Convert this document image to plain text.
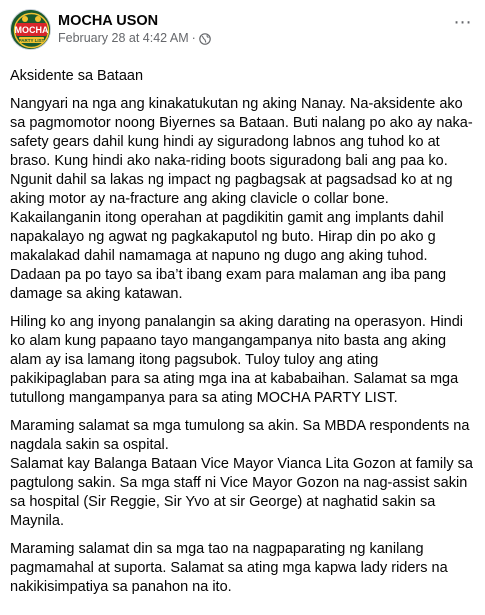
MOCHA
PARTY LIST
MOCHA USON
February 28 at 4:42 AM ·
⋯

Aksidente sa Bataan

Nangyari na nga ang kinakatukutan ng aking Nanay. Na-aksidente ako sa pagmomotor noong Biyernes sa Bataan. Buti nalang po ako ay naka-safety gears dahil kung hindi ay siguradong labnos ang tuhod ko at braso. Kung hindi ako naka-riding boots siguradong bali ang paa ko. Ngunit dahil sa lakas ng impact ng pagbagsak at pagsadsad ko at ng aking motor ay na-fracture ang aking clavicle o collar bone. Kakailanganin itong operahan at pagdikitin gamit ang implants dahil napakalayo ng agwat ng pagkakaputol ng buto. Hirap din po ako g makalakad dahil namamaga at napuno ng dugo ang aking tuhod. Dadaan pa po tayo sa iba’t ibang exam para malaman ang iba pang damage sa aking katawan.

Hiling ko ang inyong panalangin sa aking darating na operasyon. Hindi ko alam kung papaano tayo mangangampanya nito basta ang aking alam ay isa lamang itong pagsubok. Tuloy tuloy ang ating pakikipaglaban para sa ating mga ina at kababaihan. Salamat sa mga tutullong mangampanya para sa ating MOCHA PARTY LIST.

Maraming salamat sa mga tumulong sa akin. Sa MBDA respondents na nagdala sakin sa ospital.
Salamat kay Balanga Bataan Vice Mayor Vianca Lita Gozon at family sa pagtulong sakin. Sa mga staff ni Vice Mayor Gozon na nag-assist sakin sa hospital (Sir Reggie, Sir Yvo at sir George) at naghatid sakin sa Maynila.

Maraming salamat din sa mga tao na nagpaparating ng kanilang pagmamahal at suporta. Salamat sa ating mga kapwa lady riders na nakikisimpatiya sa panahon na ito.
